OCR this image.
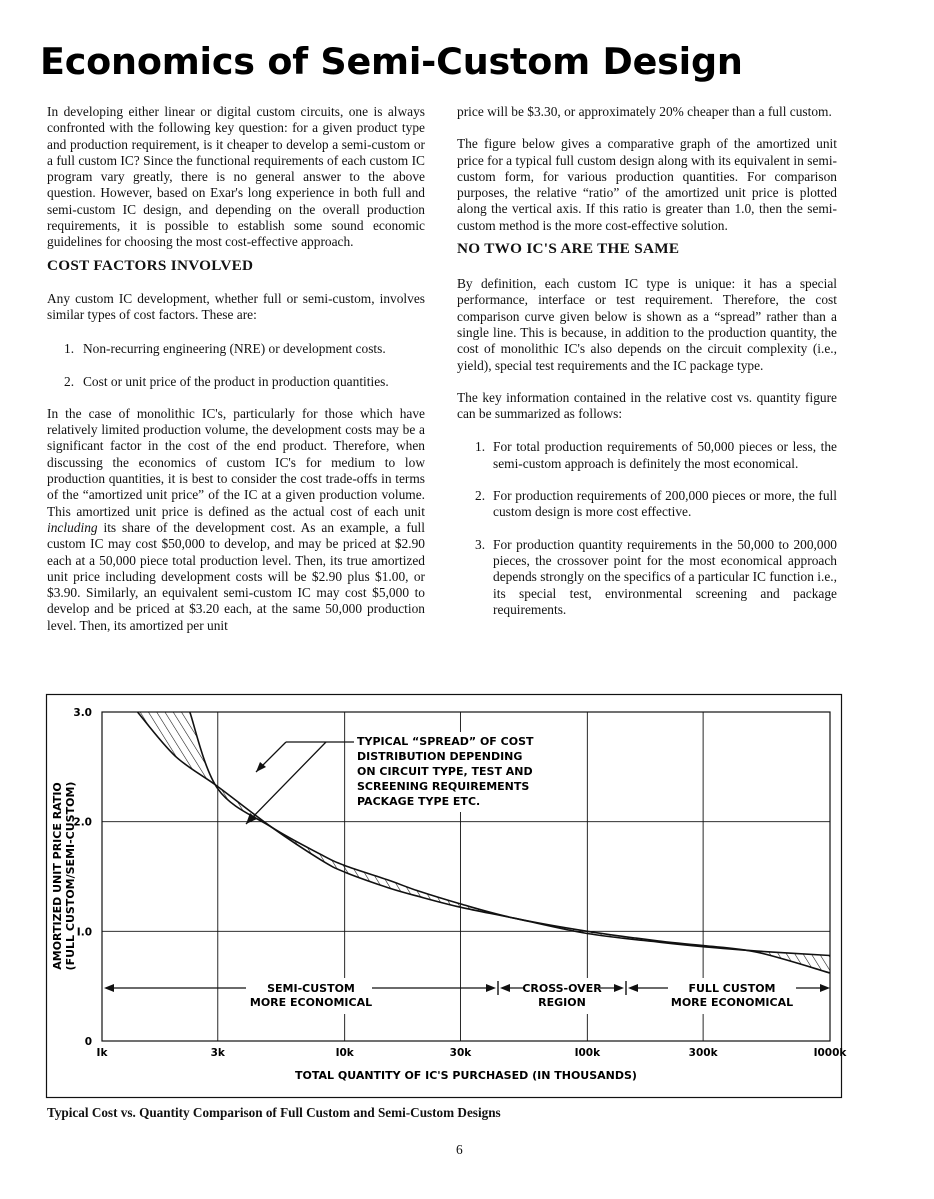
Economics of Semi-Custom Design

In developing either linear or digital custom circuits, one is always confronted with the following key question: for a given product type and production requirement, is it cheaper to develop a semi-custom or a full custom IC? Since the functional requirements of each custom IC program vary greatly, there is no general answer to the above question. However, based on Exar's long experience in both full and semi-custom IC design, and depending on the overall production requirements, it is possible to establish some sound economic guidelines for choosing the most cost-effective approach.

COST FACTORS INVOLVED

Any custom IC development, whether full or semi-custom, involves similar types of cost factors. These are:

1. Non-recurring engineering (NRE) or development costs.
2. Cost or unit price of the product in production quantities.

In the case of monolithic IC's, particularly for those which have relatively limited production volume, the development costs may be a significant factor in the cost of the end product. Therefore, when discussing the economics of custom IC's for medium to low production quantities, it is best to consider the cost trade-offs in terms of the “amortized unit price” of the IC at a given production volume. This amortized unit price is defined as the actual cost of each unit including its share of the development cost. As an example, a full custom IC may cost $50,000 to develop, and may be priced at $2.90 each at a 50,000 piece total production level. Then, its true amortized unit price including development costs will be $2.90 plus $1.00, or $3.90. Similarly, an equivalent semi-custom IC may cost $5,000 to develop and be priced at $3.20 each, at the same 50,000 production level. Then, its amortized per unit

price will be $3.30, or approximately 20% cheaper than a full custom.

The figure below gives a comparative graph of the amortized unit price for a typical full custom design along with its equivalent in semi-custom form, for various production quantities. For comparison purposes, the relative “ratio” of the amortized unit price is plotted along the vertical axis. If this ratio is greater than 1.0, then the semi-custom method is the more cost-effective solution.

NO TWO IC'S ARE THE SAME

By definition, each custom IC type is unique: it has a special performance, interface or test requirement. Therefore, the cost comparison curve given below is shown as a “spread” rather than a single line. This is because, in addition to the production quantity, the cost of monolithic IC's also depends on the circuit complexity (i.e., yield), special test requirements and the IC package type.

The key information contained in the relative cost vs. quantity figure can be summarized as follows:

1. For total production requirements of 50,000 pieces or less, the semi-custom approach is definitely the most economical.
2. For production requirements of 200,000 pieces or more, the full custom design is more cost effective.
3. For production quantity requirements in the 50,000 to 200,000 pieces, the crossover point for the most economical approach depends strongly on the specifics of a particular IC function i.e., its special test, environmental screening and package requirements.
0
I.0
2.0
3.0
Ik	3k	I0k	30k	I00k	300k	I000k
AMORTIZED UNIT PRICE RATIO (FULL CUSTOM/SEMI-CUSTOM)
TOTAL QUANTITY OF IC'S PURCHASED (IN THOUSANDS)
TYPICAL “SPREAD” OF COST
DISTRIBUTION DEPENDING
ON CIRCUIT TYPE, TEST AND
SCREENING REQUIREMENTS
PACKAGE TYPE ETC.
SEMI-CUSTOM
MORE ECONOMICAL
CROSS-OVER
REGION
FULL CUSTOM
MORE ECONOMICAL

Typical Cost vs. Quantity Comparison of Full Custom and Semi-Custom Designs

6
